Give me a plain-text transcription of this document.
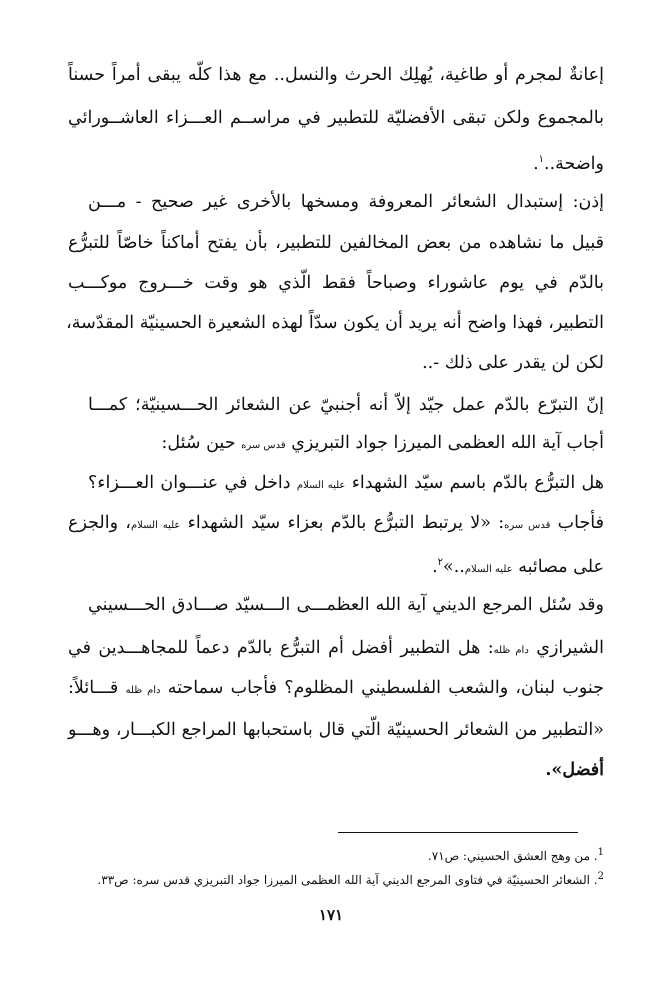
إعانةٌ لمجرم أو طاغية، يُهلِك الحرث والنسل.. مع هذا كلّه يبقى أمراً حسناً
بالمجموع ولكن تبقى الأفضليّة للتطبير في مراســم العـــزاء العاشــورائي
واضحة..$^١$.
إذن: إستبدال الشعائر المعروفة ومسخها بالأخرى غير صحيح - مـــن
قبيل ما نشاهده من بعض المخالفين للتطبير، بأن يفتح أماكناً خاصّاً للتبرُّع
بالدّم في يوم عاشوراء وصباحاً فقط الّذي هو وقت خـــروج موكـــب
التطبير، فهذا واضح أنه يريد أن يكون سدّاً لهذه الشعيرة الحسينيّة المقدّسة،
لكن لن يقدر على ذلك -..
إنّ التبرّع بالدّم عمل جيّد إلاّ أنه أجنبيّ عن الشعائر الحـــسينيّة؛ كمـــا
أجاب آية الله العظمى الميرزا جواد التبريزي قدس سره حين سُئل:
هل التبرُّع بالدّم باسم سيّد الشهداء عليه السلام داخل في عنـــوان العـــزاء؟
فأجاب قدس سره: «لا يرتبط التبرُّع بالدّم بعزاء سيّد الشهداء عليه السلام، والجزع
على مصائبه عليه السلام..»$^٢$.
وقد سُئل المرجع الديني آية الله العظمـــى الـــسيّد صـــادق الحـــسيني
الشيرازي دام ظله: هل التطبير أفضل أم التبرُّع بالدّم دعماً للمجاهـــدين في
جنوب لبنان، والشعب الفلسطيني المظلوم؟ فأجاب سماحته دام ظله قـــائلاً:
«التطبير من الشعائر الحسينيّة الّتي قال باستحبابها المراجع الكبـــار، وهـــو
أفضل».
$^1$. من وهج العشق الحسيني: ص٧١.
$^2$. الشعائر الحسينيّة في فتاوى المرجع الديني آية الله العظمى الميرزا جواد التبريزي قدس سره: ص٣٣.
١٧١
